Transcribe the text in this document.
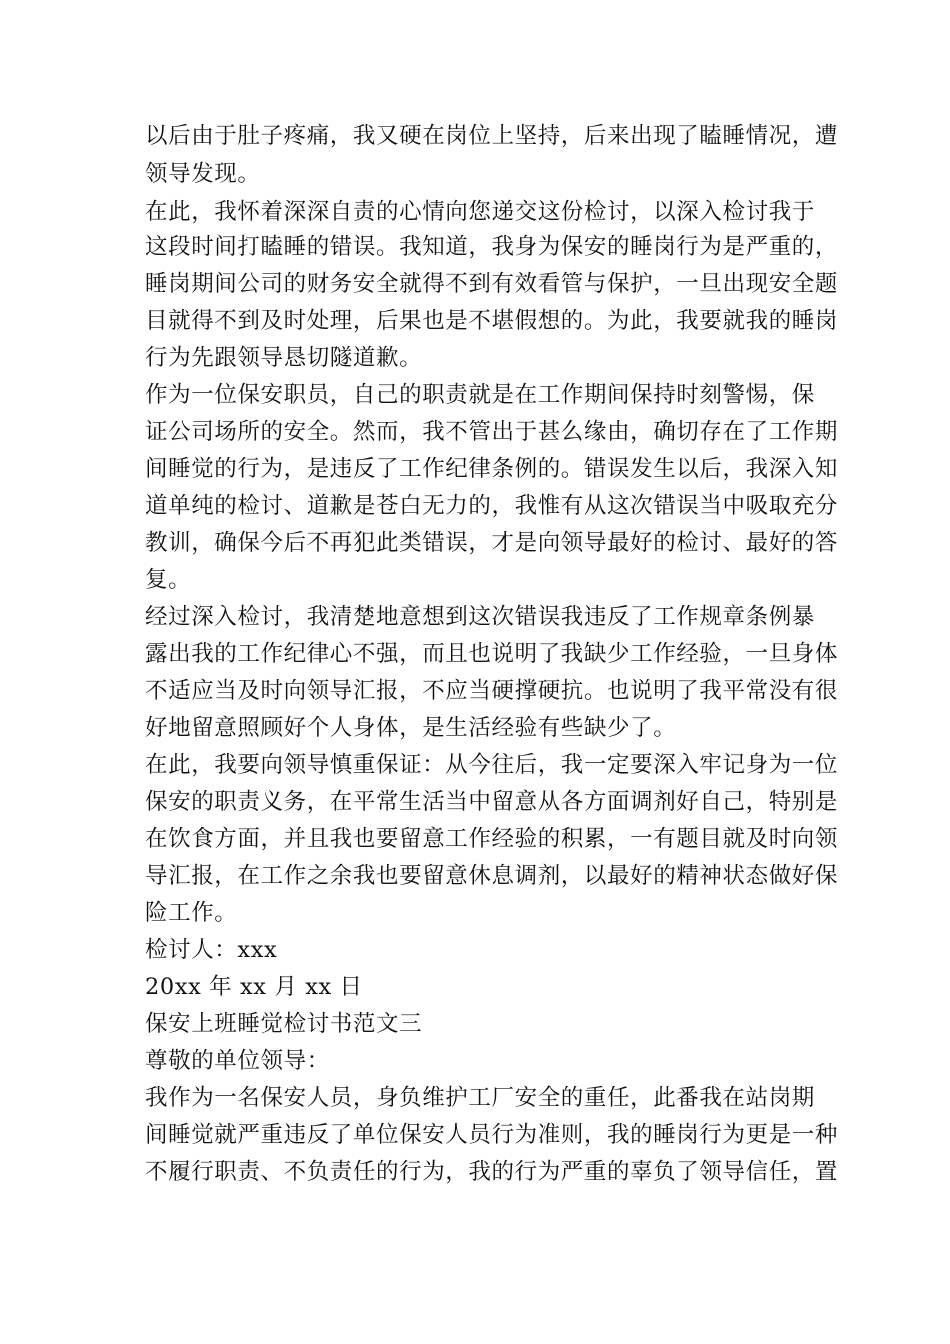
以后由于肚子疼痛，我又硬在岗位上坚持，后来出现了瞌睡情况，遭
领导发现。
在此，我怀着深深自责的心情向您递交这份检讨，以深入检讨我于
这段时间打瞌睡的错误。我知道，我身为保安的睡岗行为是严重的，
睡岗期间公司的财务安全就得不到有效看管与保护，一旦出现安全题
目就得不到及时处理，后果也是不堪假想的。为此，我要就我的睡岗
行为先跟领导恳切隧道歉。
作为一位保安职员，自己的职责就是在工作期间保持时刻警惕，保
证公司场所的安全。然而，我不管出于甚么缘由，确切存在了工作期
间睡觉的行为，是违反了工作纪律条例的。错误发生以后，我深入知
道单纯的检讨、道歉是苍白无力的，我惟有从这次错误当中吸取充分
教训，确保今后不再犯此类错误，才是向领导最好的检讨、最好的答
复。
经过深入检讨，我清楚地意想到这次错误我违反了工作规章条例暴
露出我的工作纪律心不强，而且也说明了我缺少工作经验，一旦身体
不适应当及时向领导汇报，不应当硬撑硬抗。也说明了我平常没有很
好地留意照顾好个人身体，是生活经验有些缺少了。
在此，我要向领导慎重保证：从今往后，我一定要深入牢记身为一位
保安的职责义务，在平常生活当中留意从各方面调剂好自己，特别是
在饮食方面，并且我也要留意工作经验的积累，一有题目就及时向领
导汇报，在工作之余我也要留意休息调剂，以最好的精神状态做好保
险工作。
检讨人：xxx
20xx 年 xx 月 xx 日
保安上班睡觉检讨书范文三
尊敬的单位领导：
我作为一名保安人员，身负维护工厂安全的重任，此番我在站岗期
间睡觉就严重违反了单位保安人员行为准则，我的睡岗行为更是一种
不履行职责、不负责任的行为，我的行为严重的辜负了领导信任，置
